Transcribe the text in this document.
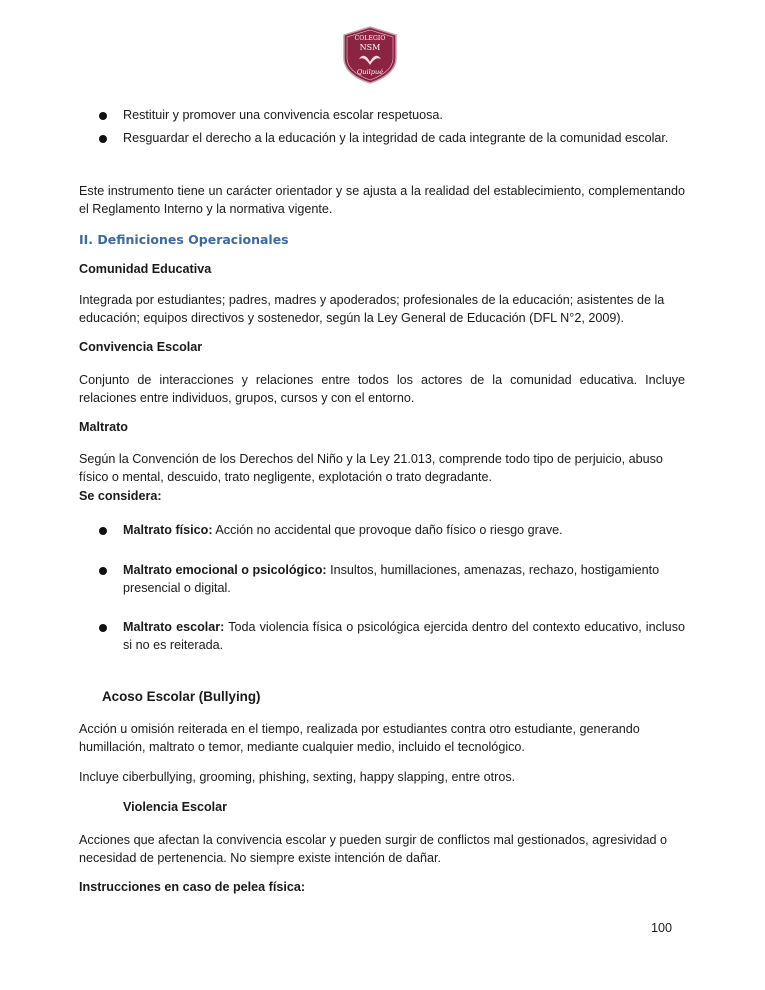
COLEGIO
NSM
Quilpué
Restituir y promover una convivencia escolar respetuosa.
Resguardar el derecho a la educación y la integridad de cada integrante de la comunidad escolar.
Este instrumento tiene un carácter orientador y se ajusta a la realidad del establecimiento, complementando el Reglamento Interno y la normativa vigente.
II. Definiciones Operacionales
Comunidad Educativa
Integrada por estudiantes; padres, madres y apoderados; profesionales de la educación; asistentes de la educación; equipos directivos y sostenedor, según la Ley General de Educación (DFL N°2, 2009).
Convivencia Escolar
Conjunto de interacciones y relaciones entre todos los actores de la comunidad educativa. Incluye relaciones entre individuos, grupos, cursos y con el entorno.
Maltrato
Según la Convención de los Derechos del Niño y la Ley 21.013, comprende todo tipo de perjuicio, abuso físico o mental, descuido, trato negligente, explotación o trato degradante.
Se considera:
Maltrato físico: Acción no accidental que provoque daño físico o riesgo grave.
Maltrato emocional o psicológico: Insultos, humillaciones, amenazas, rechazo, hostigamiento presencial o digital.
Maltrato escolar: Toda violencia física o psicológica ejercida dentro del contexto educativo, incluso si no es reiterada.
Acoso Escolar (Bullying)
Acción u omisión reiterada en el tiempo, realizada por estudiantes contra otro estudiante, generando humillación, maltrato o temor, mediante cualquier medio, incluido el tecnológico.
Incluye ciberbullying, grooming, phishing, sexting, happy slapping, entre otros.
Violencia Escolar
Acciones que afectan la convivencia escolar y pueden surgir de conflictos mal gestionados, agresividad o necesidad de pertenencia. No siempre existe intención de dañar.
Instrucciones en caso de pelea física:
100
